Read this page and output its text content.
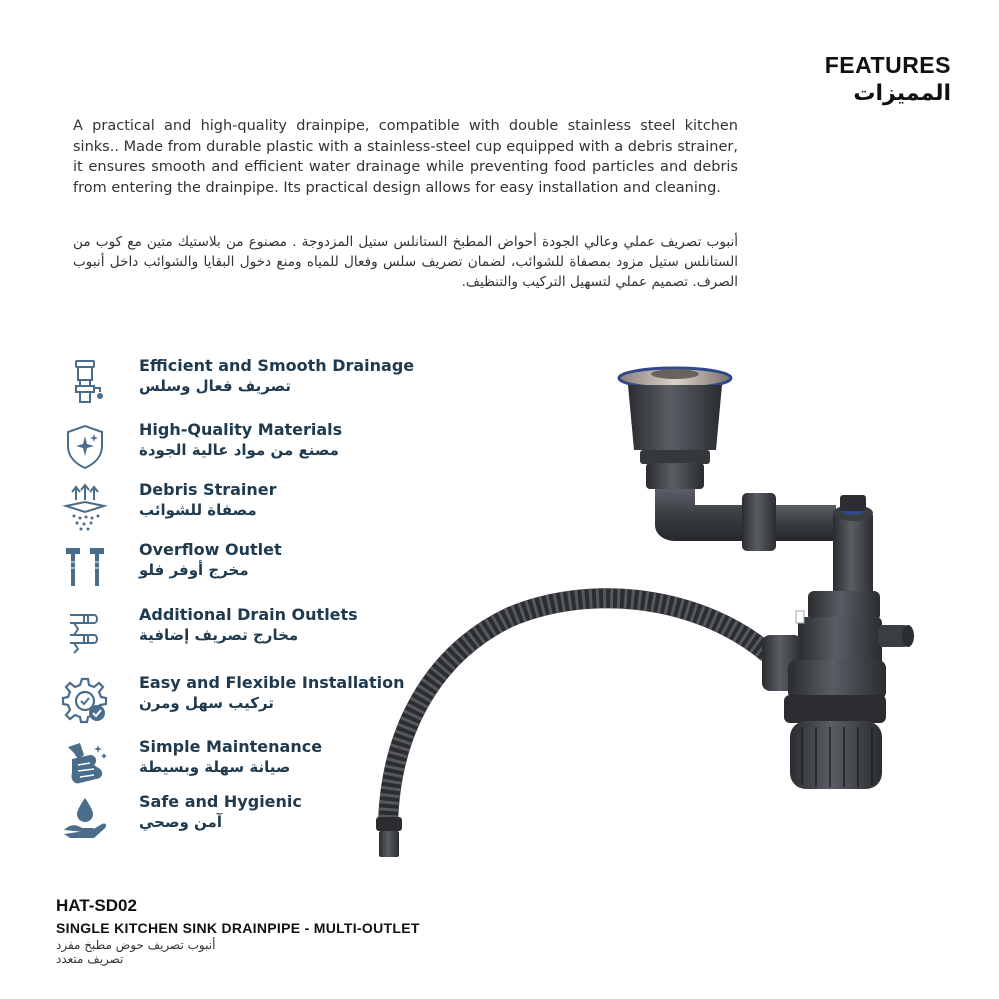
FEATURES
المميزات

A practical and high-quality drainpipe, compatible with double stainless steel kitchen sinks.. Made from durable plastic with a stainless-steel cup equipped with a debris strainer, it ensures smooth and efficient water drainage while preventing food particles and debris from entering the drainpipe. Its practical design allows for easy installation and cleaning.

أنبوب تصريف عملي وعالي الجودة أحواض المطبخ الستانلس ستيل المزدوجة . مصنوع من بلاستيك متين مع كوب من الستانلس ستيل مزود بمصفاة للشوائب، لضمان تصريف سلس وفعال للمياه ومنع دخول البقايا والشوائب داخل أنبوب الصرف. تصميم عملي لتسهيل التركيب والتنظيف.

Efficient and Smooth Drainage
تصريف فعال وسلس
High-Quality Materials
مصنع من مواد عالية الجودة
Debris Strainer
مصفاة للشوائب
Overflow Outlet
مخرج أوفر فلو
Additional Drain Outlets
مخارج تصريف إضافية
Easy and Flexible Installation
تركيب سهل ومرن
Simple Maintenance
صيانة سهلة وبسيطة
Safe and Hygienic
آمن وصحي
HAT-SD02
SINGLE KITCHEN SINK DRAINPIPE - MULTI-OUTLET
أنبوب تصريف حوض مطبخ مفرد تصريف متعدد
